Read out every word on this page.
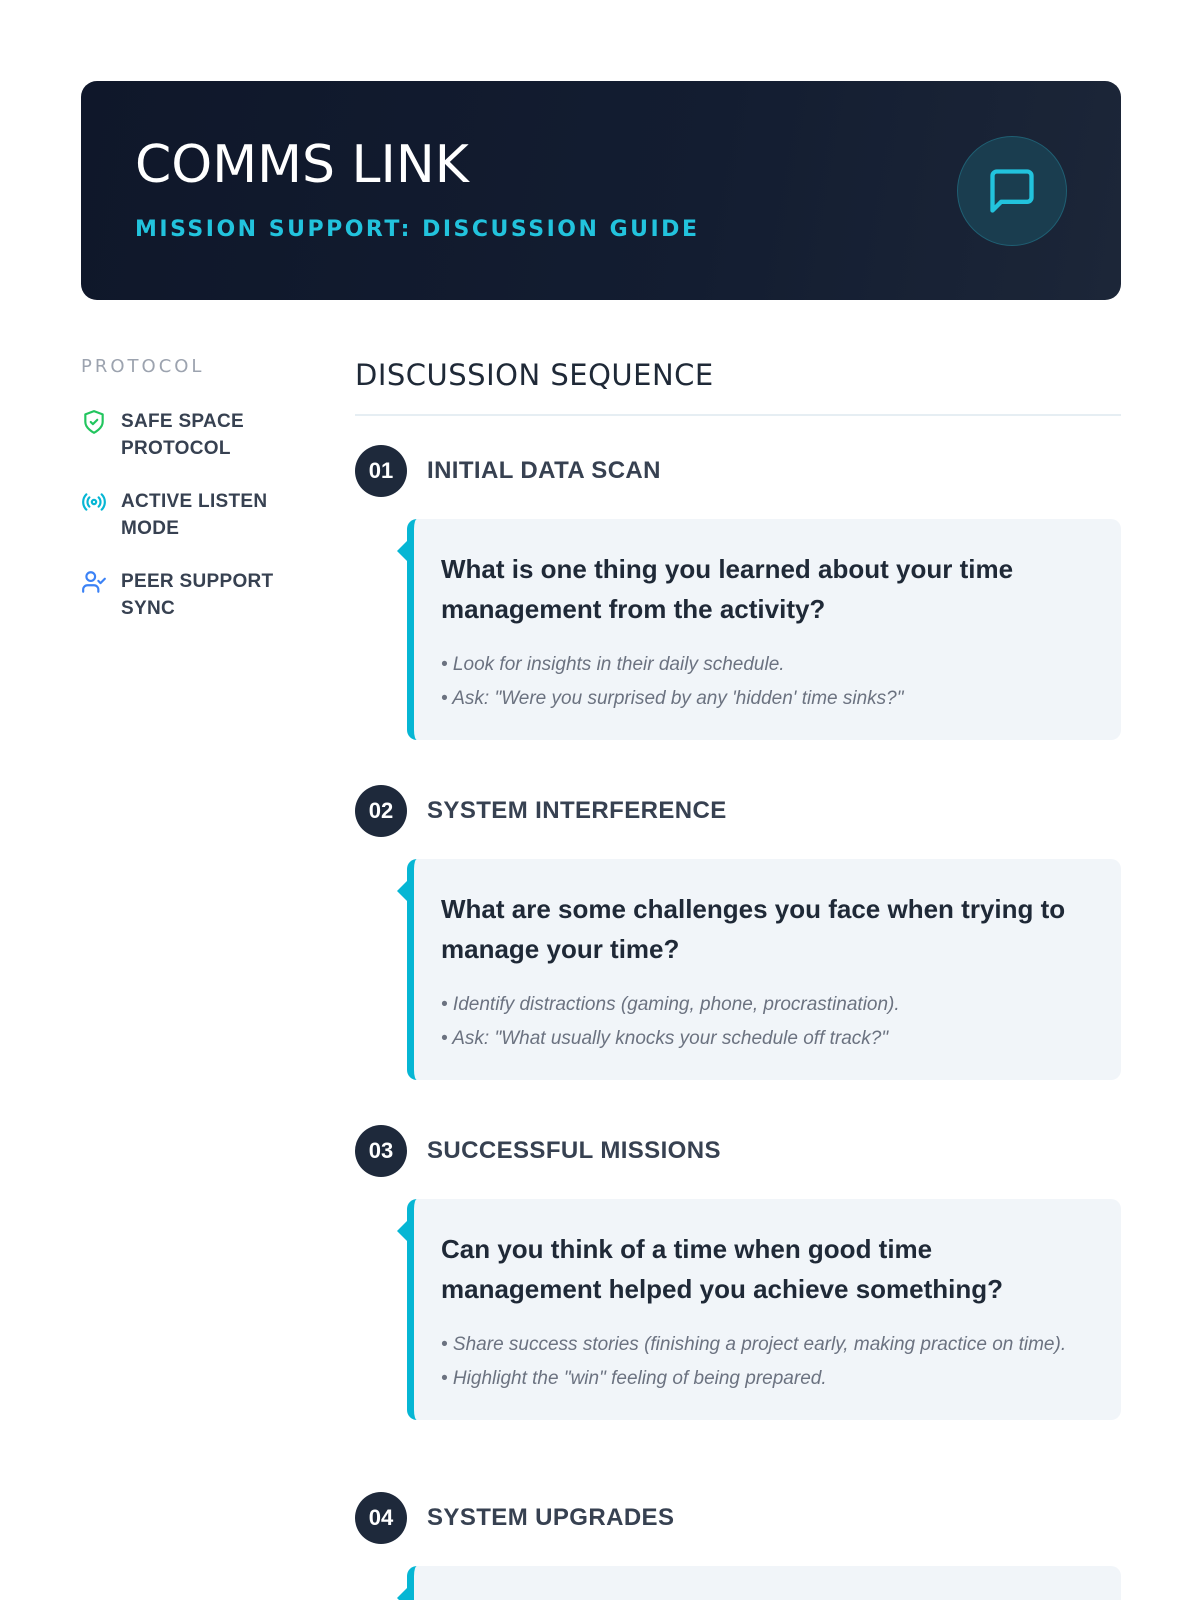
COMMS LINK
MISSION SUPPORT: DISCUSSION GUIDE
PROTOCOL
SAFE SPACE PROTOCOL
ACTIVE LISTEN MODE
PEER SUPPORT SYNC
DISCUSSION SEQUENCE
01	INITIAL DATA SCAN
What is one thing you learned about your time management from the activity?
• Look for insights in their daily schedule.
• Ask: "Were you surprised by any 'hidden' time sinks?"
02	SYSTEM INTERFERENCE
What are some challenges you face when trying to manage your time?
• Identify distractions (gaming, phone, procrastination).
• Ask: "What usually knocks your schedule off track?"
03	SUCCESSFUL MISSIONS
Can you think of a time when good time management helped you achieve something?
• Share success stories (finishing a project early, making practice on time).
• Highlight the "win" feeling of being prepared.
04	SYSTEM UPGRADES
